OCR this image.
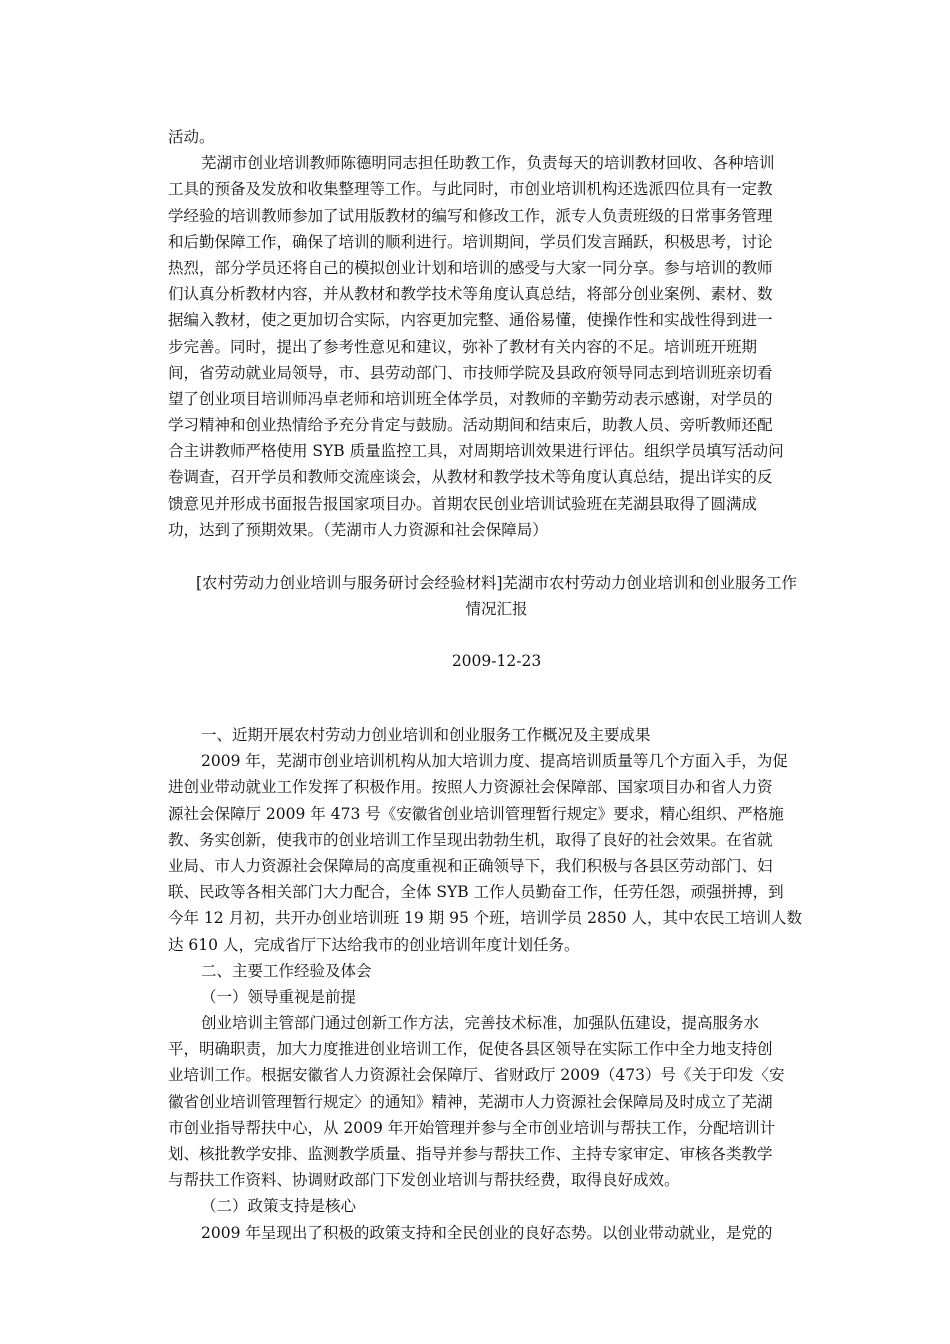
活动。
芜湖市创业培训教师陈德明同志担任助教工作，负责每天的培训教材回收、各种培训
工具的预备及发放和收集整理等工作。与此同时，市创业培训机构还选派四位具有一定教
学经验的培训教师参加了试用版教材的编写和修改工作，派专人负责班级的日常事务管理
和后勤保障工作，确保了培训的顺利进行。培训期间，学员们发言踊跃，积极思考，讨论
热烈，部分学员还将自己的模拟创业计划和培训的感受与大家一同分享。参与培训的教师
们认真分析教材内容，并从教材和教学技术等角度认真总结，将部分创业案例、素材、数
据编入教材，使之更加切合实际，内容更加完整、通俗易懂，使操作性和实战性得到进一
步完善。同时，提出了参考性意见和建议，弥补了教材有关内容的不足。培训班开班期
间，省劳动就业局领导，市、县劳动部门、市技师学院及县政府领导同志到培训班亲切看
望了创业项目培训师冯卓老师和培训班全体学员，对教师的辛勤劳动表示感谢，对学员的
学习精神和创业热情给予充分肯定与鼓励。活动期间和结束后，助教人员、旁听教师还配
合主讲教师严格使用 SYB 质量监控工具，对周期培训效果进行评估。组织学员填写活动问
卷调查，召开学员和教师交流座谈会，从教材和教学技术等角度认真总结，提出详实的反
馈意见并形成书面报告报国家项目办。首期农民创业培训试验班在芜湖县取得了圆满成
功，达到了预期效果。（芜湖市人力资源和社会保障局）
[农村劳动力创业培训与服务研讨会经验材料]芜湖市农村劳动力创业培训和创业服务工作
情况汇报
2009-12-23
一、近期开展农村劳动力创业培训和创业服务工作概况及主要成果
2009 年，芜湖市创业培训机构从加大培训力度、提高培训质量等几个方面入手，为促
进创业带动就业工作发挥了积极作用。按照人力资源社会保障部、国家项目办和省人力资
源社会保障厅 2009 年 473 号《安徽省创业培训管理暂行规定》要求，精心组织、严格施
教、务实创新，使我市的创业培训工作呈现出勃勃生机，取得了良好的社会效果。在省就
业局、市人力资源社会保障局的高度重视和正确领导下，我们积极与各县区劳动部门、妇
联、民政等各相关部门大力配合，全体 SYB 工作人员勤奋工作，任劳任怨，顽强拼搏，到
今年 12 月初，共开办创业培训班 19 期 95 个班，培训学员 2850 人，其中农民工培训人数
达 610 人，完成省厅下达给我市的创业培训年度计划任务。
二、主要工作经验及体会
（一）领导重视是前提
创业培训主管部门通过创新工作方法，完善技术标准，加强队伍建设，提高服务水
平，明确职责，加大力度推进创业培训工作，促使各县区领导在实际工作中全力地支持创
业培训工作。根据安徽省人力资源社会保障厅、省财政厅 2009（473）号《关于印发〈安
徽省创业培训管理暂行规定〉的通知》精神，芜湖市人力资源社会保障局及时成立了芜湖
市创业指导帮扶中心，从 2009 年开始管理并参与全市创业培训与帮扶工作，分配培训计
划、核批教学安排、监测教学质量、指导并参与帮扶工作、主持专家审定、审核各类教学
与帮扶工作资料、协调财政部门下发创业培训与帮扶经费，取得良好成效。
（二）政策支持是核心
2009 年呈现出了积极的政策支持和全民创业的良好态势。以创业带动就业，是党的
